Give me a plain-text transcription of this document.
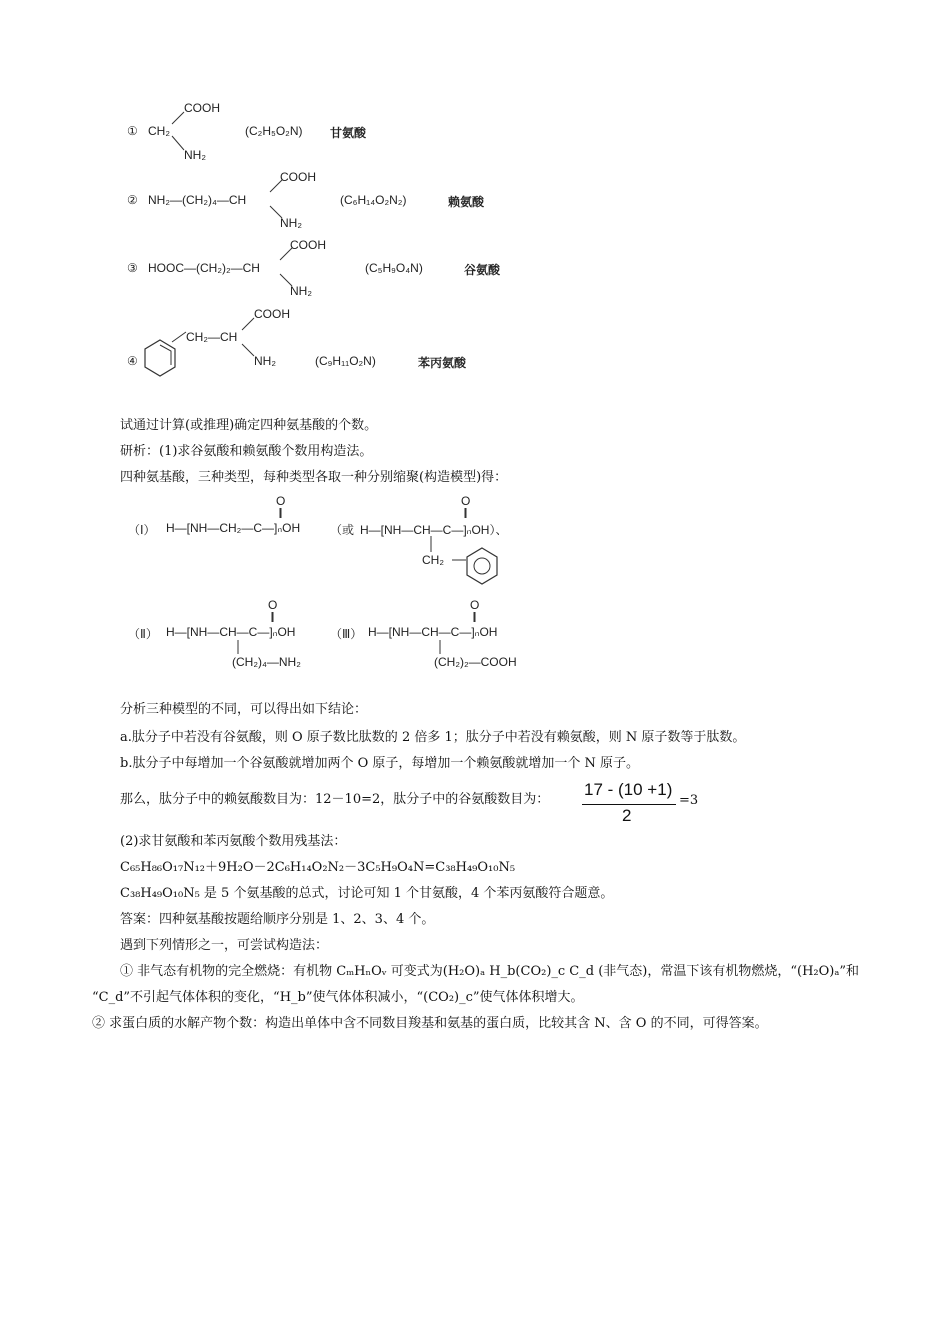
①
COOH
CH₂
NH₂
(C₂H₅O₂N) 甘氨酸
②
COOH
NH₂—(CH₂)₄—CH
NH₂
(C₆H₁₄O₂N₂)	赖氨酸
③
COOH
HOOC—(CH₂)₂—CH
NH₂
(C₅H₉O₄N)	谷氨酸
④
COOH
CH₂—CH
NH₂	(C₉H₁₁O₂N)	苯丙氨酸
试通过计算(或推理)确定四种氨基酸的个数。
研析：(1)求谷氨酸和赖氨酸个数用构造法。
四种氨基酸，三种类型，每种类型各取一种分别缩聚(构造模型)得：
（Ⅰ）
O
H—[NH—CH₂—C—]ₙOH （或
O
H—[NH—CH—C—]ₙOH）、
CH₂
（Ⅱ）
O
H—[NH—CH—C—]ₙOH
(CH₂)₄—NH₂
（Ⅲ）
O
H—[NH—CH—C—]ₙOH
(CH₂)₂—COOH
分析三种模型的不同，可以得出如下结论：
a.肽分子中若没有谷氨酸，则 O 原子数比肽数的 2 倍多 1；肽分子中若没有赖氨酸，则 N 原子数等于肽数。
b.肽分子中每增加一个谷氨酸就增加两个 O 原子，每增加一个赖氨酸就增加一个 N 原子。
那么，肽分子中的赖氨酸数目为：12－10=2，肽分子中的谷氨酸数目为：
17 - (10 +1)
2
=3
(2)求甘氨酸和苯丙氨酸个数用残基法：
C₆₅H₈₆O₁₇N₁₂＋9H₂O－2C₆H₁₄O₂N₂－3C₅H₉O₄N=C₃₈H₄₉O₁₀N₅
C₃₈H₄₉O₁₀N₅ 是 5 个氨基酸的总式，讨论可知 1 个甘氨酸，4 个苯丙氨酸符合题意。
答案：四种氨基酸按题给顺序分别是 1、2、3、4 个。
遇到下列情形之一，可尝试构造法：
① 非气态有机物的完全燃烧：有机物 CₘHₙOᵥ 可变式为(H₂O)ₐ H_b(CO₂)_c C_d (非气态)，常温下该有机物燃烧，“(H₂O)ₐ”和
“C_d”不引起气体体积的变化，“H_b”使气体体积减小，“(CO₂)_c”使气体体积增大。
② 求蛋白质的水解产物个数：构造出单体中含不同数目羧基和氨基的蛋白质，比较其含 N、含 O 的不同，可得答案。
